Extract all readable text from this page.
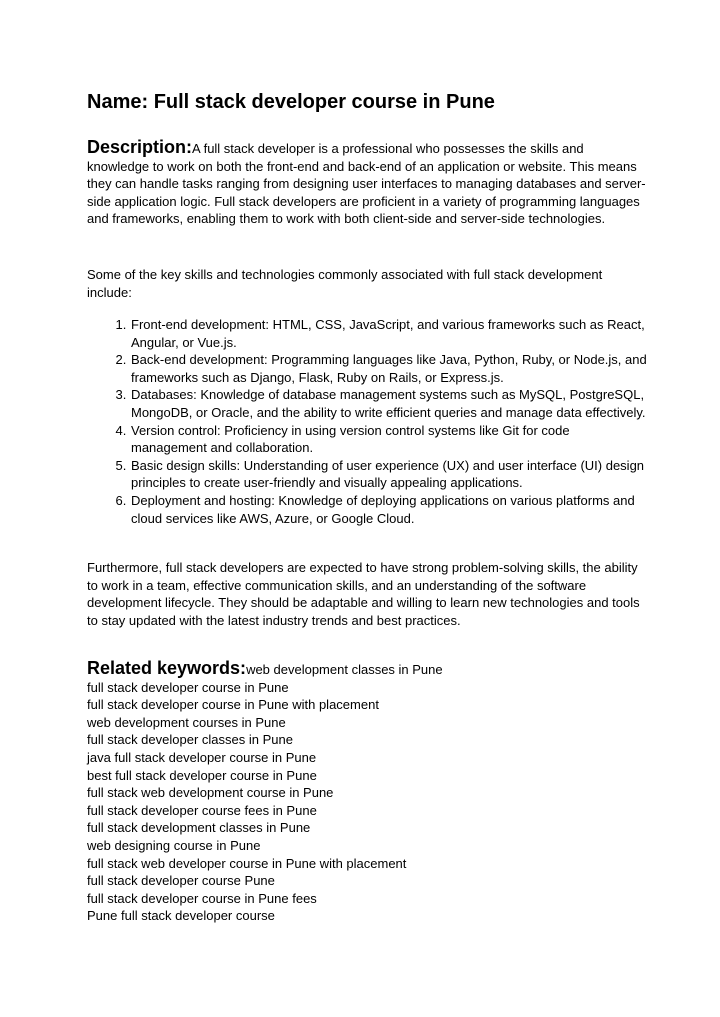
Name: Full stack developer course in Pune
Description:A full stack developer is a professional who possesses the skills and knowledge to work on both the front-end and back-end of an application or website. This means they can handle tasks ranging from designing user interfaces to managing databases and server-side application logic. Full stack developers are proficient in a variety of programming languages and frameworks, enabling them to work with both client-side and server-side technologies.
Some of the key skills and technologies commonly associated with full stack development include:
1. Front-end development: HTML, CSS, JavaScript, and various frameworks such as React, Angular, or Vue.js.
2. Back-end development: Programming languages like Java, Python, Ruby, or Node.js, and frameworks such as Django, Flask, Ruby on Rails, or Express.js.
3. Databases: Knowledge of database management systems such as MySQL, PostgreSQL, MongoDB, or Oracle, and the ability to write efficient queries and manage data effectively.
4. Version control: Proficiency in using version control systems like Git for code management and collaboration.
5. Basic design skills: Understanding of user experience (UX) and user interface (UI) design principles to create user-friendly and visually appealing applications.
6. Deployment and hosting: Knowledge of deploying applications on various platforms and cloud services like AWS, Azure, or Google Cloud.
Furthermore, full stack developers are expected to have strong problem-solving skills, the ability to work in a team, effective communication skills, and an understanding of the software development lifecycle. They should be adaptable and willing to learn new technologies and tools to stay updated with the latest industry trends and best practices.
Related keywords:web development classes in Pune
full stack developer course in Pune
full stack developer course in Pune with placement
web development courses in Pune
full stack developer classes in Pune
java full stack developer course in Pune
best full stack developer course in Pune
full stack web development course in Pune
full stack developer course fees in Pune
full stack development classes in Pune
web designing course in Pune
full stack web developer course in Pune with placement
full stack developer course Pune
full stack developer course in Pune fees
Pune full stack developer course
